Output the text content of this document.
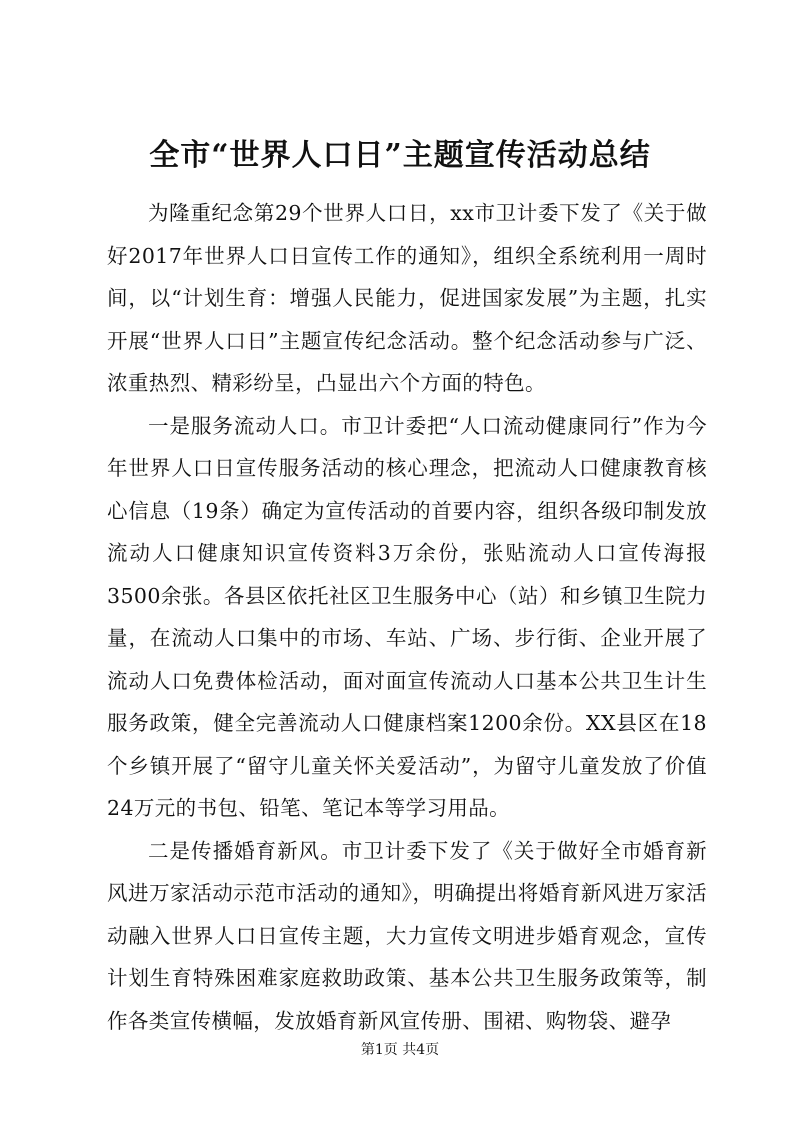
全市“世界人口日”主题宣传活动总结

为隆重纪念第29个世界人口日，xx市卫计委下发了《关于做好2017年世界人口日宣传工作的通知》，组织全系统利用一周时间，以“计划生育：增强人民能力，促进国家发展”为主题，扎实开展“世界人口日”主题宣传纪念活动。整个纪念活动参与广泛、浓重热烈、精彩纷呈，凸显出六个方面的特色。

一是服务流动人口。市卫计委把“人口流动健康同行”作为今年世界人口日宣传服务活动的核心理念，把流动人口健康教育核心信息（19条）确定为宣传活动的首要内容，组织各级印制发放流动人口健康知识宣传资料3万余份，张贴流动人口宣传海报3500余张。各县区依托社区卫生服务中心（站）和乡镇卫生院力量，在流动人口集中的市场、车站、广场、步行街、企业开展了流动人口免费体检活动，面对面宣传流动人口基本公共卫生计生服务政策，健全完善流动人口健康档案1200余份。XX县区在18个乡镇开展了“留守儿童关怀关爱活动”，为留守儿童发放了价值24万元的书包、铅笔、笔记本等学习用品。

二是传播婚育新风。市卫计委下发了《关于做好全市婚育新风进万家活动示范市活动的通知》，明确提出将婚育新风进万家活动融入世界人口日宣传主题，大力宣传文明进步婚育观念，宣传计划生育特殊困难家庭救助政策、基本公共卫生服务政策等，制作各类宣传横幅，发放婚育新风宣传册、围裙、购物袋、避孕

第1页 共4页
